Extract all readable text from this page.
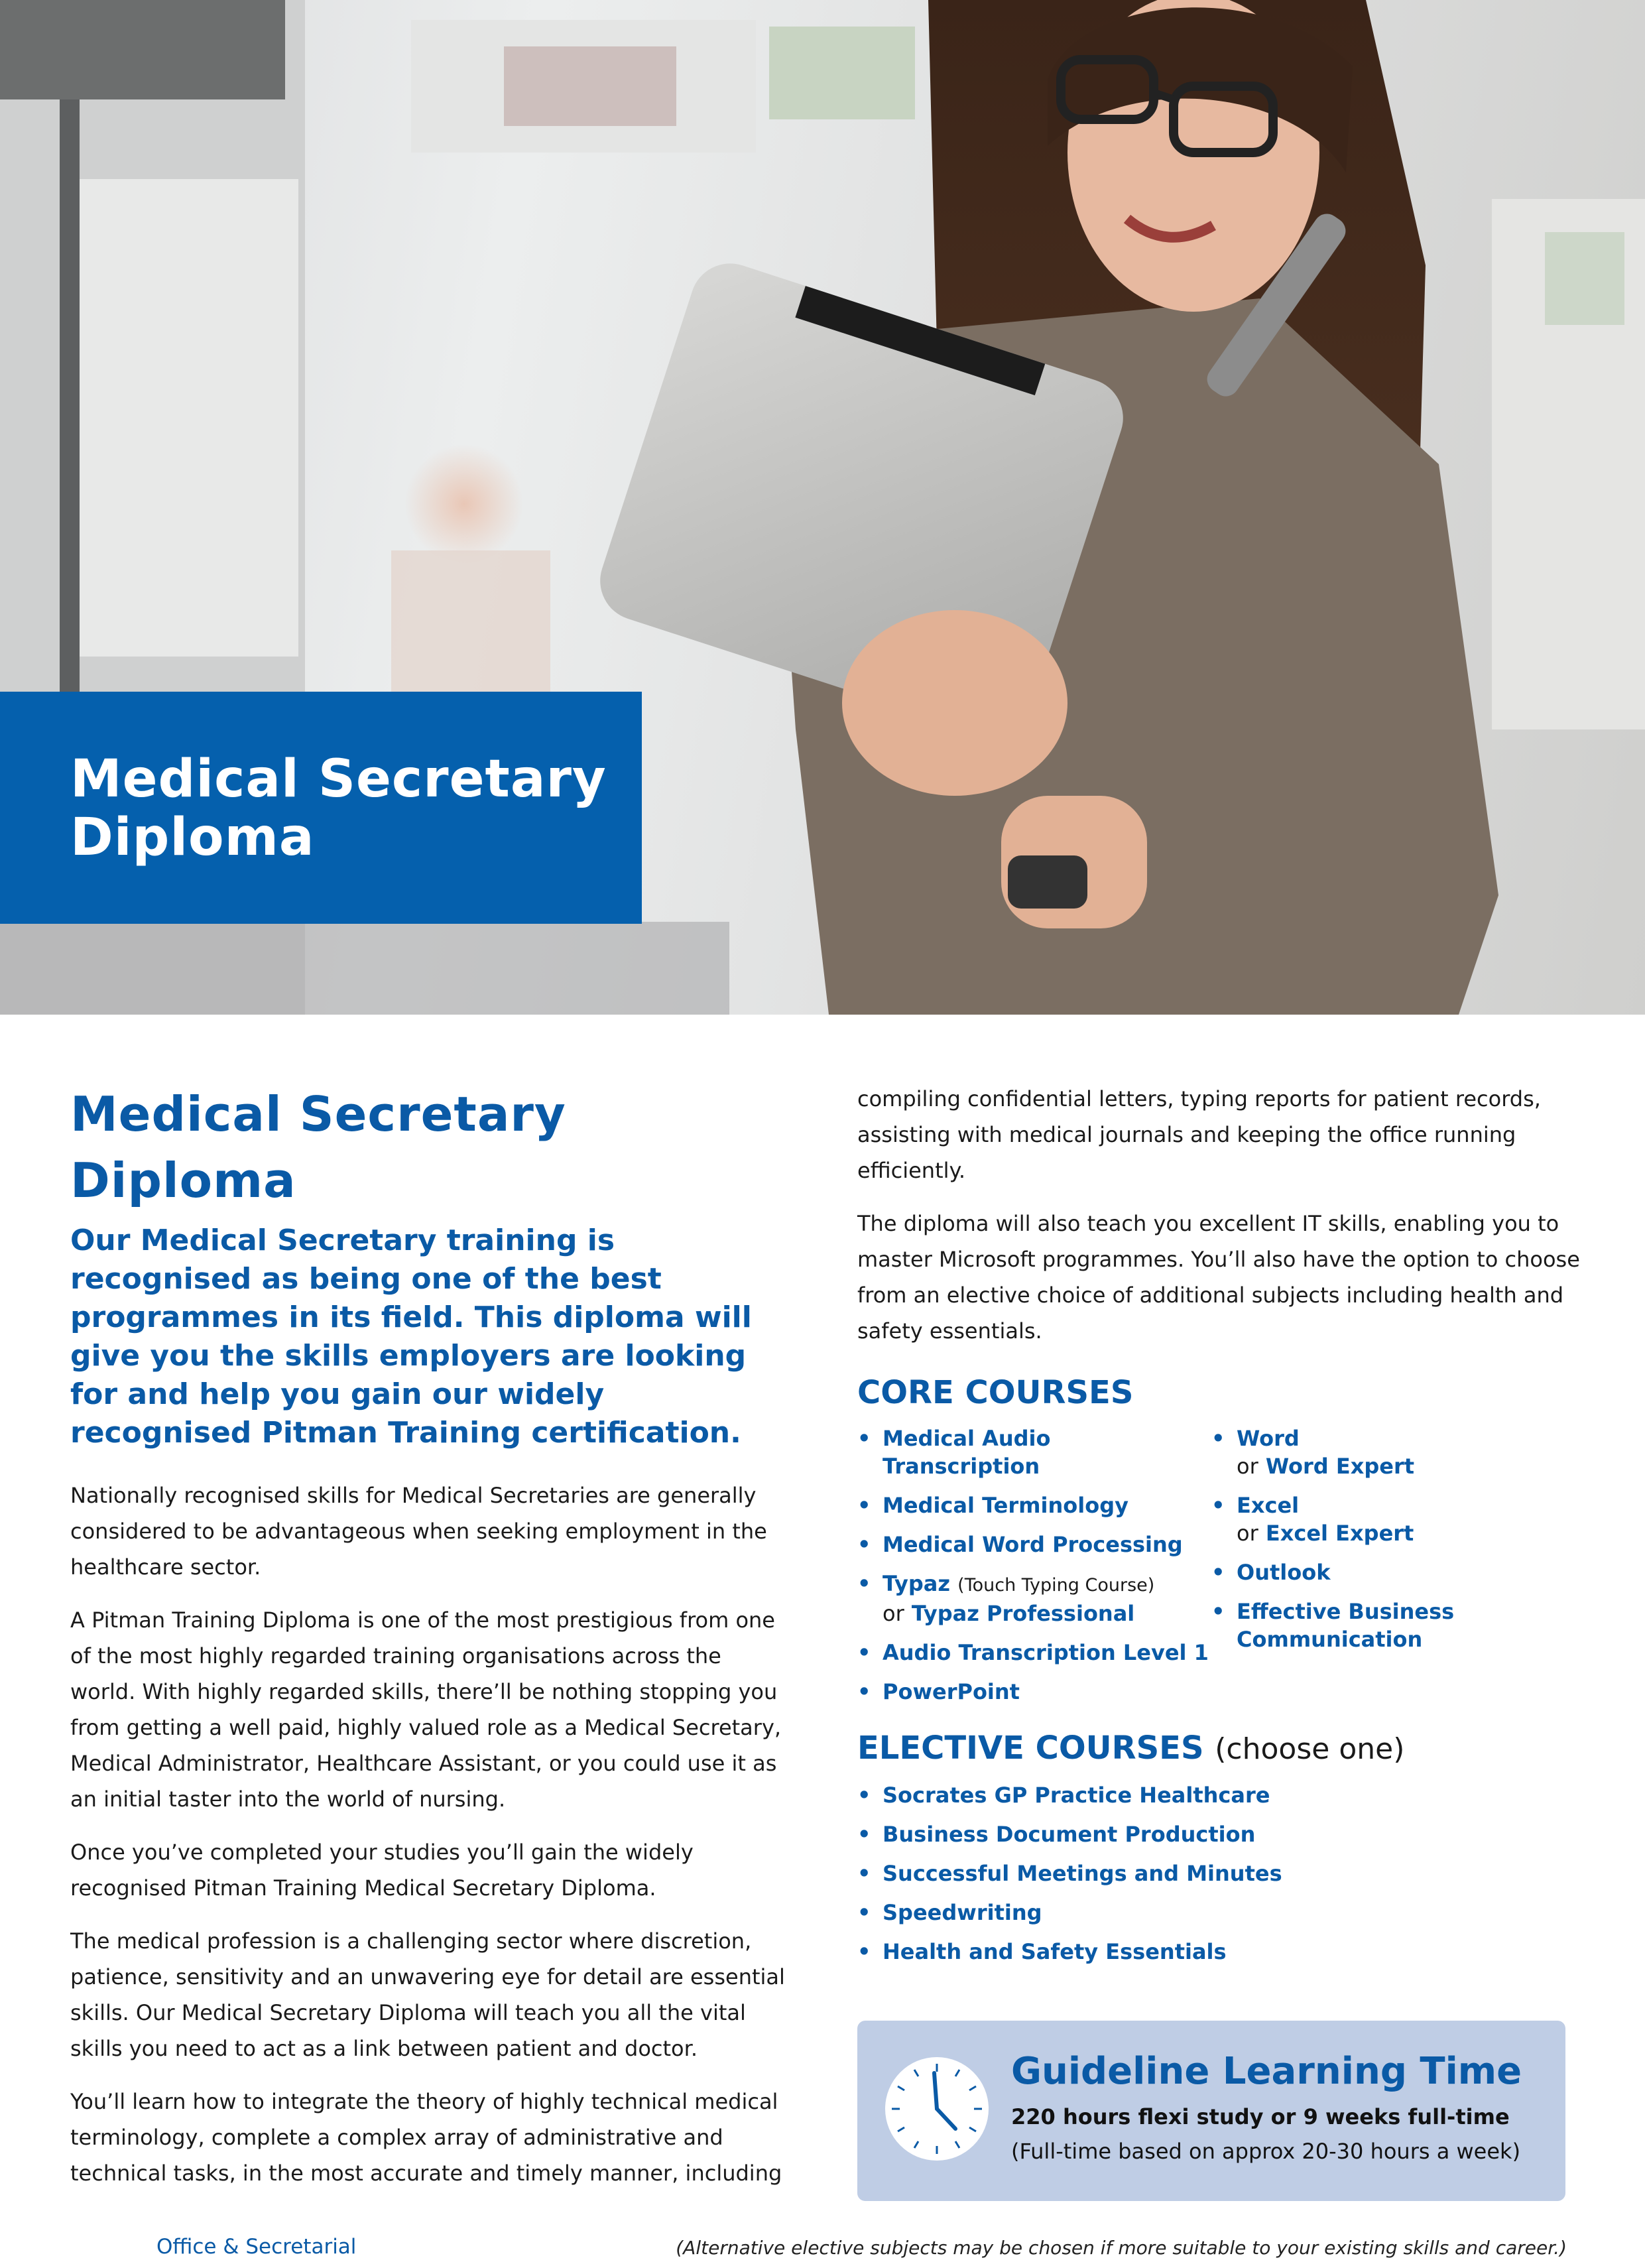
Medical Secretary
Diploma
Medical Secretary Diploma

Our Medical Secretary training is recognised as being one of the best programmes in its field. This diploma will give you the skills employers are looking for and help you gain our widely recognised Pitman Training certification.

Nationally recognised skills for Medical Secretaries are generally considered to be advantageous when seeking employment in the healthcare sector.

A Pitman Training Diploma is one of the most prestigious from one of the most highly regarded training organisations across the world. With highly regarded skills, there’ll be nothing stopping you from getting a well paid, highly valued role as a Medical Secretary, Medical Administrator, Healthcare Assistant, or you could use it as an initial taster into the world of nursing.

Once you’ve completed your studies you’ll gain the widely recognised Pitman Training Medical Secretary Diploma.

The medical profession is a challenging sector where discretion, patience, sensitivity and an unwavering eye for detail are essential skills. Our Medical Secretary Diploma will teach you all the vital skills you need to act as a link between patient and doctor.

You’ll learn how to integrate the theory of highly technical medical terminology, complete a complex array of administrative and technical tasks, in the most accurate and timely manner, including

compiling confidential letters, typing reports for patient records, assisting with medical journals and keeping the office running efficiently.

The diploma will also teach you excellent IT skills, enabling you to master Microsoft programmes. You’ll also have the option to choose from an elective choice of additional subjects including health and safety essentials.

CORE COURSES
• Medical Audio Transcription
• Medical Terminology
• Medical Word Processing
• Typaz (Touch Typing Course)
or Typaz Professional
• Audio Transcription Level 1
• PowerPoint
• Word
or Word Expert
• Excel
or Excel Expert
• Outlook
• Effective Business Communication
ELECTIVE COURSES (choose one)
• Socrates GP Practice Healthcare
• Business Document Production
• Successful Meetings and Minutes
• Speedwriting
• Health and Safety Essentials
Guideline Learning Time
220 hours flexi study or 9 weeks full-time
(Full-time based on approx 20-30 hours a week)
Office & Secretarial	(Alternative elective subjects may be chosen if more suitable to your existing skills and career.)
